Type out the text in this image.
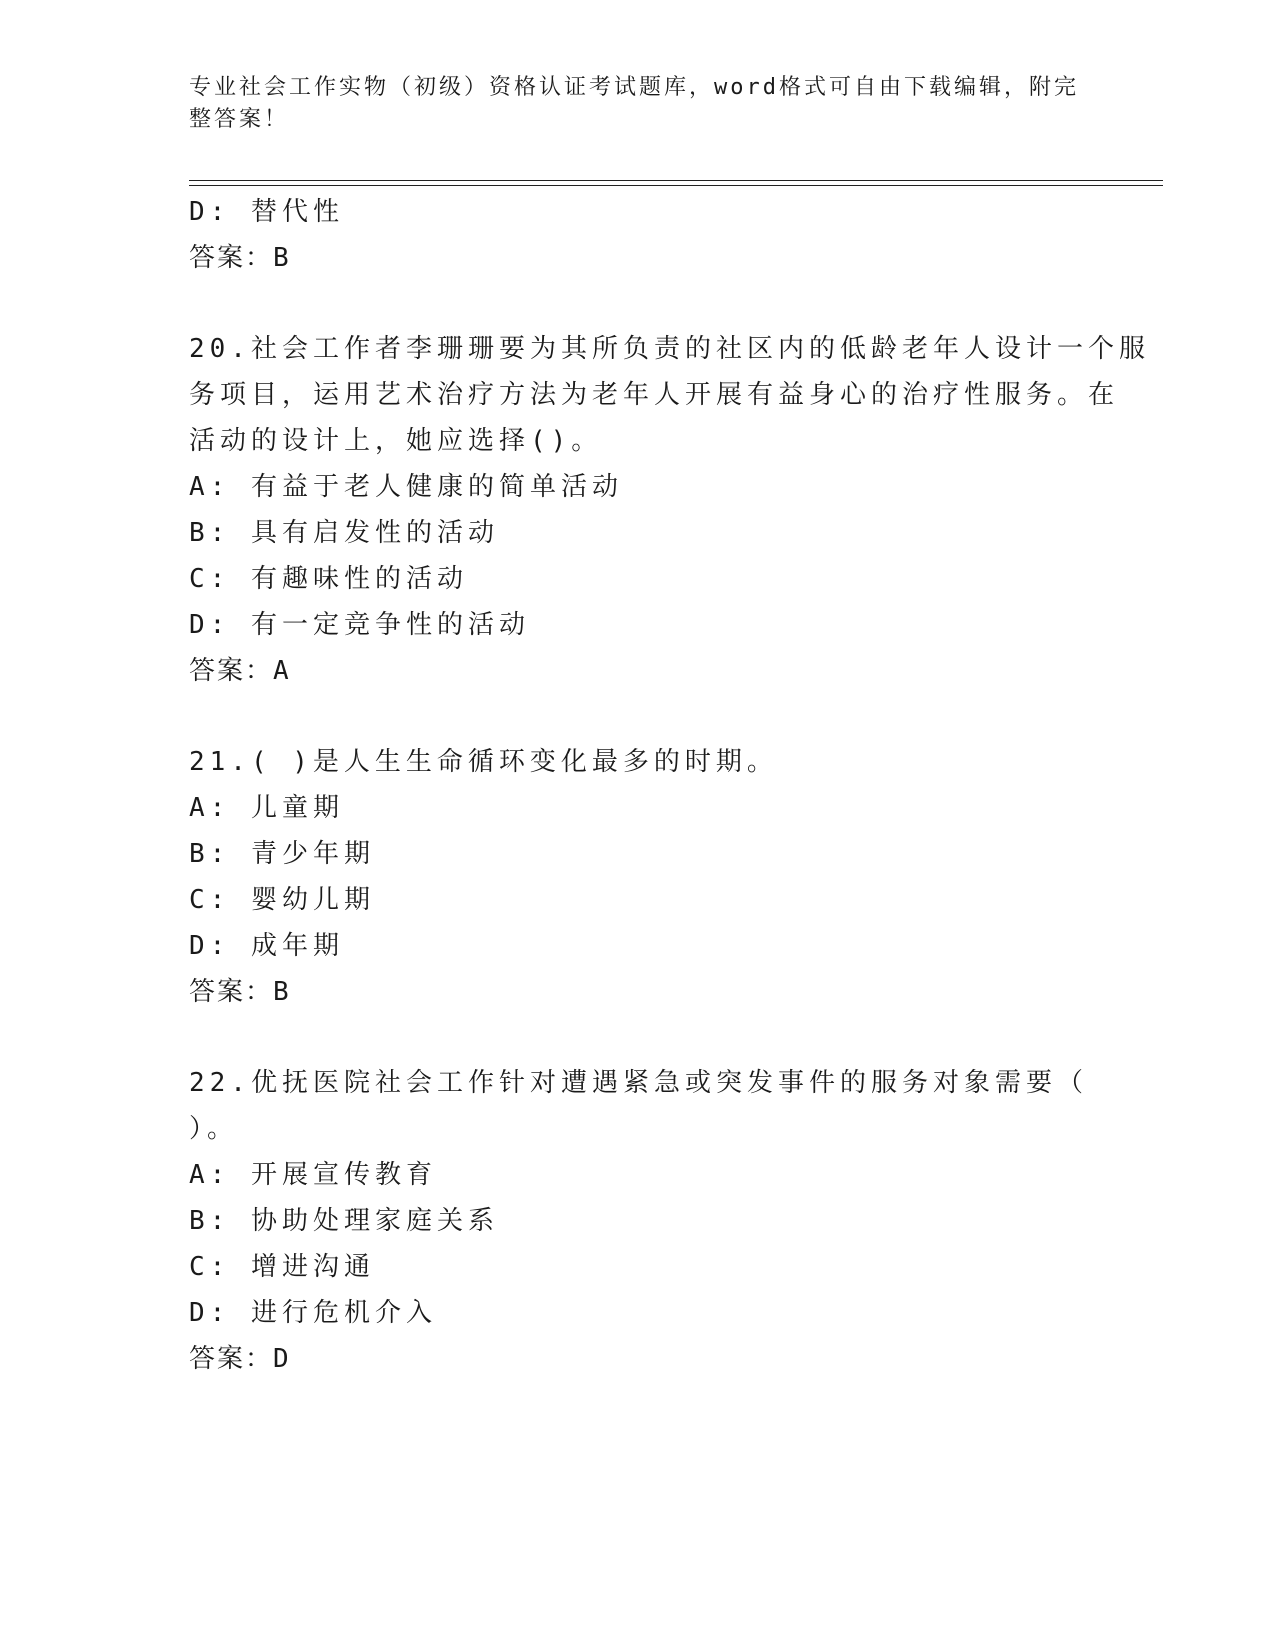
专业社会工作实物（初级）资格认证考试题库，word格式可自由下载编辑，附完
整答案！
D: 替代性
答案：B
20.社会工作者李珊珊要为其所负责的社区内的低龄老年人设计一个服
务项目，运用艺术治疗方法为老年人开展有益身心的治疗性服务。在
活动的设计上，她应选择()。
A: 有益于老人健康的简单活动
B: 具有启发性的活动
C: 有趣味性的活动
D: 有一定竞争性的活动
答案：A
21.( )是人生生命循环变化最多的时期。
A: 儿童期
B: 青少年期
C: 婴幼儿期
D: 成年期
答案：B
22.优抚医院社会工作针对遭遇紧急或突发事件的服务对象需要（
）。
A: 开展宣传教育
B: 协助处理家庭关系
C: 增进沟通
D: 进行危机介入
答案：D
